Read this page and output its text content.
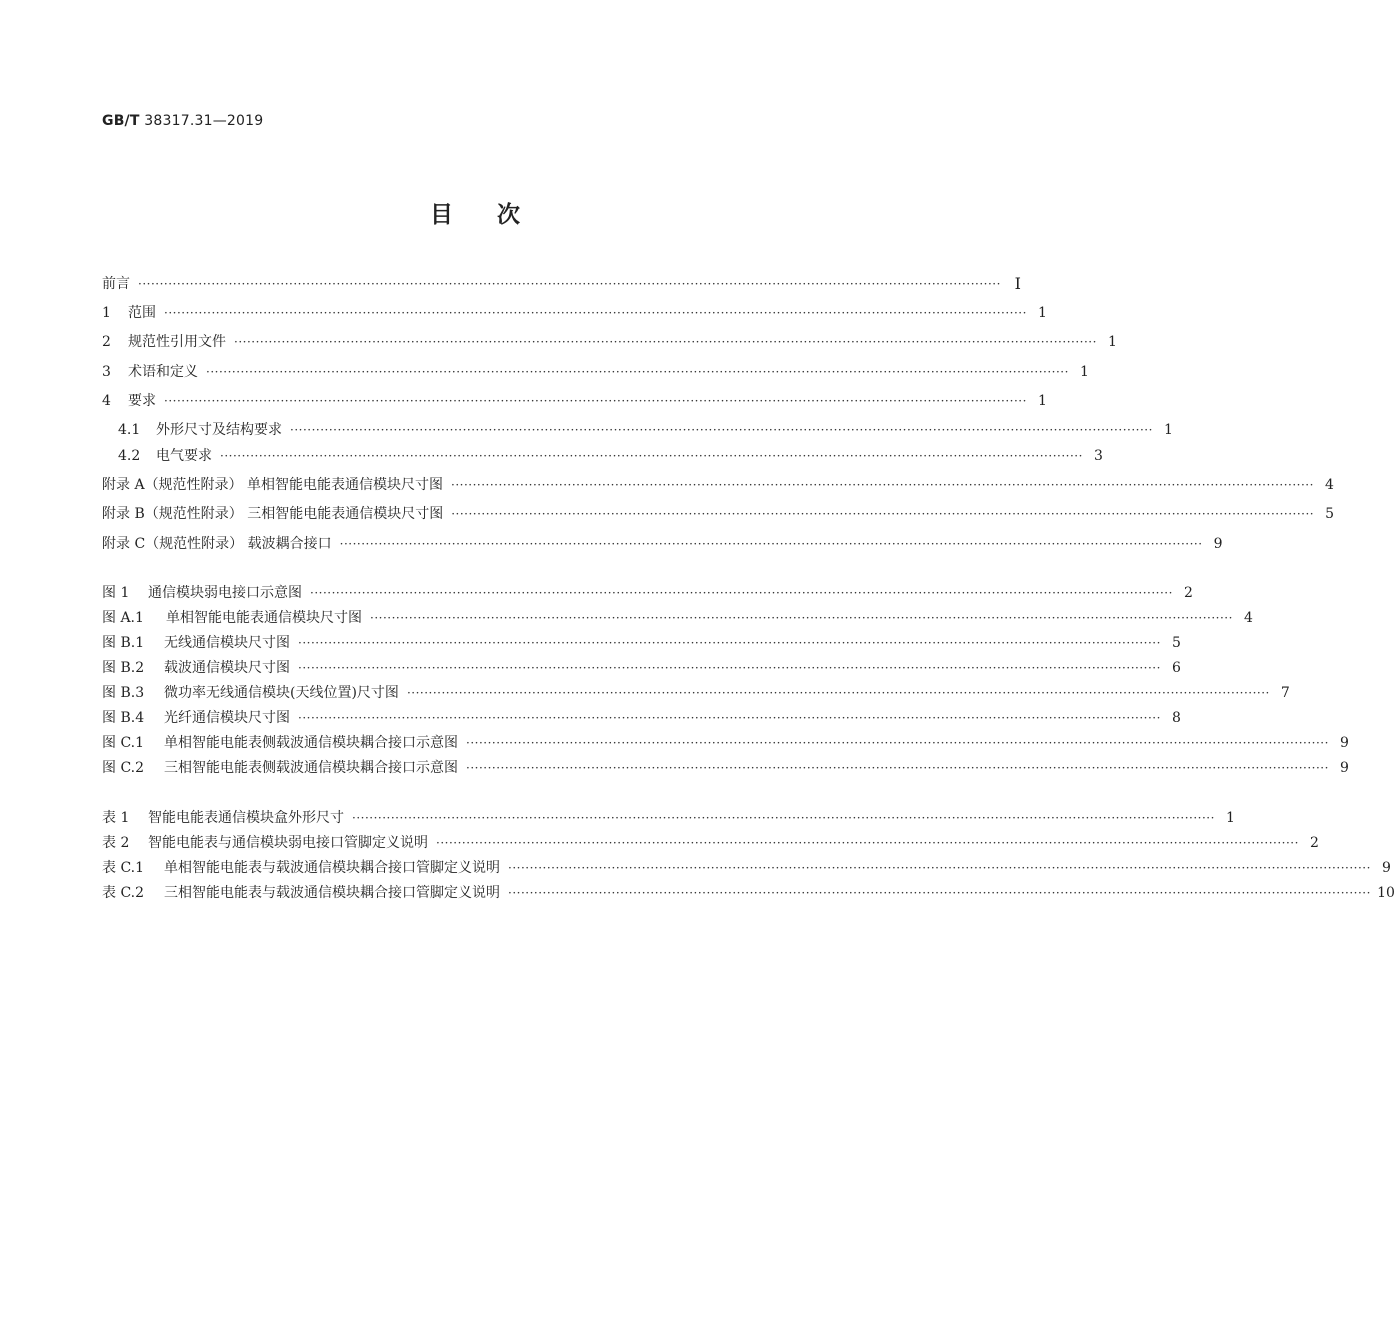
GB/T 38317.31—2019
目 次
前言 ········································································································································································································ I
1	范围 ········································································································································································································ 1
2	规范性引用文件 ········································································································································································································ 1
3	术语和定义 ········································································································································································································ 1
4	要求 ········································································································································································································ 1
4.1	外形尺寸及结构要求 ········································································································································································································ 1
4.2	电气要求 ········································································································································································································ 3
附录 A （规范性附录） 单相智能电能表通信模块尺寸图 ········································································································································································································ 4
附录 B （规范性附录） 三相智能电能表通信模块尺寸图 ········································································································································································································ 5
附录 C （规范性附录） 载波耦合接口 ········································································································································································································ 9
图 1	通信模块弱电接口示意图 ········································································································································································································ 2
图 A.1	单相智能电能表通信模块尺寸图 ········································································································································································································ 4
图 B.1	无线通信模块尺寸图 ········································································································································································································ 5
图 B.2	载波通信模块尺寸图 ········································································································································································································ 6
图 B.3	微功率无线通信模块(天线位置)尺寸图 ········································································································································································································ 7
图 B.4	光纤通信模块尺寸图 ········································································································································································································ 8
图 C.1	单相智能电能表侧载波通信模块耦合接口示意图 ········································································································································································································ 9
图 C.2	三相智能电能表侧载波通信模块耦合接口示意图 ········································································································································································································ 9
表 1	智能电能表通信模块盒外形尺寸 ········································································································································································································ 1
表 2	智能电能表与通信模块弱电接口管脚定义说明 ········································································································································································································ 2
表 C.1	单相智能电能表与载波通信模块耦合接口管脚定义说明 ········································································································································································································ 9
表 C.2	三相智能电能表与载波通信模块耦合接口管脚定义说明 ········································································································································································································ 10
